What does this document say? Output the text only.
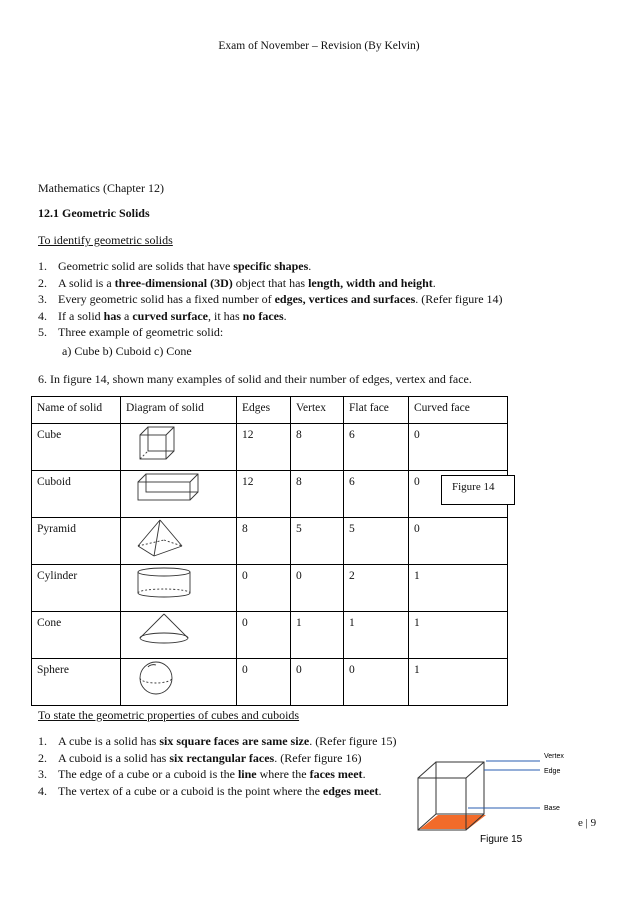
Exam of November – Revision (By Kelvin)
Mathematics (Chapter 12)
12.1 Geometric Solids
To identify geometric solids
1. Geometric solid are solids that have specific shapes.
2. A solid is a three-dimensional (3D) object that has length, width and height.
3. Every geometric solid has a fixed number of edges, vertices and surfaces. (Refer figure 14)
4. If a solid has a curved surface, it has no faces.
5. Three example of geometric solid:
a) Cube b) Cuboid c) Cone
6. In figure 14, shown many examples of solid and their number of edges, vertex and face.
Name of solid	Diagram of solid	Edges	Vertex	Flat face	Curved face
Cube		12	8	6	0
Cuboid		12	8	6	0
Pyramid		8	5	5	0
Cylinder		0	0	2	1
Cone		0	1	1	1
Sphere		0	0	0	1
Figure 14
To state the geometric properties of cubes and cuboids
1. A cube is a solid has six square faces are same size. (Refer figure 15)
2. A cuboid is a solid has six rectangular faces. (Refer figure 16)
3. The edge of a cube or a cuboid is the line where the faces meet.
4. The vertex of a cube or a cuboid is the point where the edges meet.
Vertex
Edge
Base
Figure 15
e | 9
